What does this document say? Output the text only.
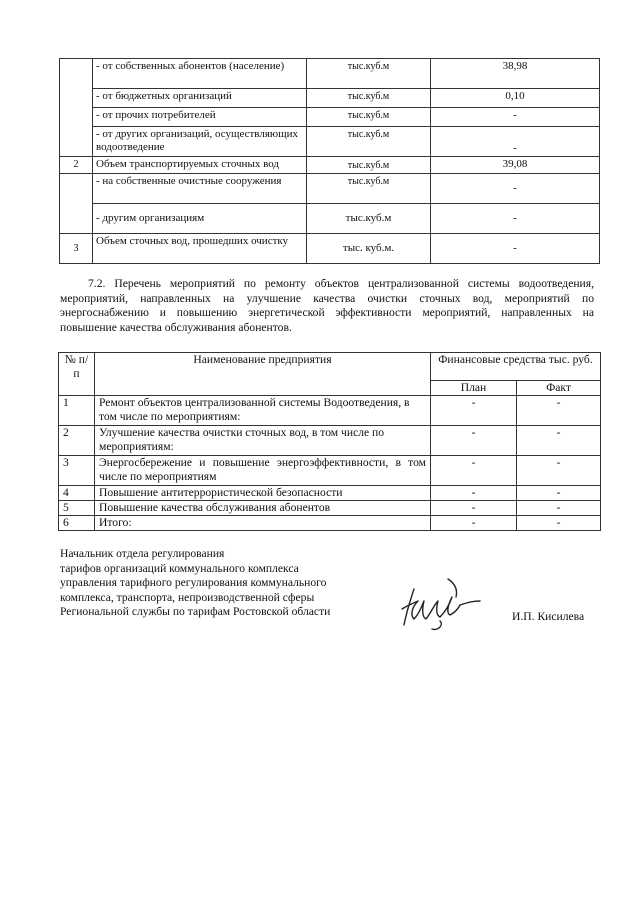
	- от собственных абонентов (население)	тыс.куб.м	38,98
	- от бюджетных организаций	тыс.куб.м	0,10
	- от прочих потребителей	тыс.куб.м	-
	- от других организаций, осуществляющих водоотведение	тыс.куб.м	-
2	Объем транспортируемых сточных вод	тыс.куб.м	39,08
	- на собственные очистные сооружения	тыс.куб.м	-
	- другим организациям	тыс.куб.м	-
3	Объем сточных вод, прошедших очистку	тыс. куб.м.	-

7.2. Перечень мероприятий по ремонту объектов централизованной системы водоотведения, мероприятий, направленных на улучшение качества очистки сточных вод, мероприятий по энергоснабжению и повышению энергетической эффективности мероприятий, направленных на повышение качества обслуживания абонентов.

№ п/п	Наименование предприятия	Финансовые средства тыс. руб.	
		План	Факт
1	Ремонт объектов централизованной системы Водоотведения, в том числе по мероприятиям:	-	-
2	Улучшение качества очистки сточных вод, в том числе по мероприятиям:	-	-
3	Энергосбережение и повышение энергоэффективности, в том числе по мероприятиям	-	-
4	Повышение антитеррористической безопасности	-	-
5	Повышение качества обслуживания абонентов	-	-
6	Итого:	-	-
Начальник отдела регулирования
тарифов организаций коммунального комплекса
управления тарифного регулирования коммунального
комплекса, транспорта, непроизводственной сферы
Региональной службы по тарифам Ростовской области	И.П. Кисилева
